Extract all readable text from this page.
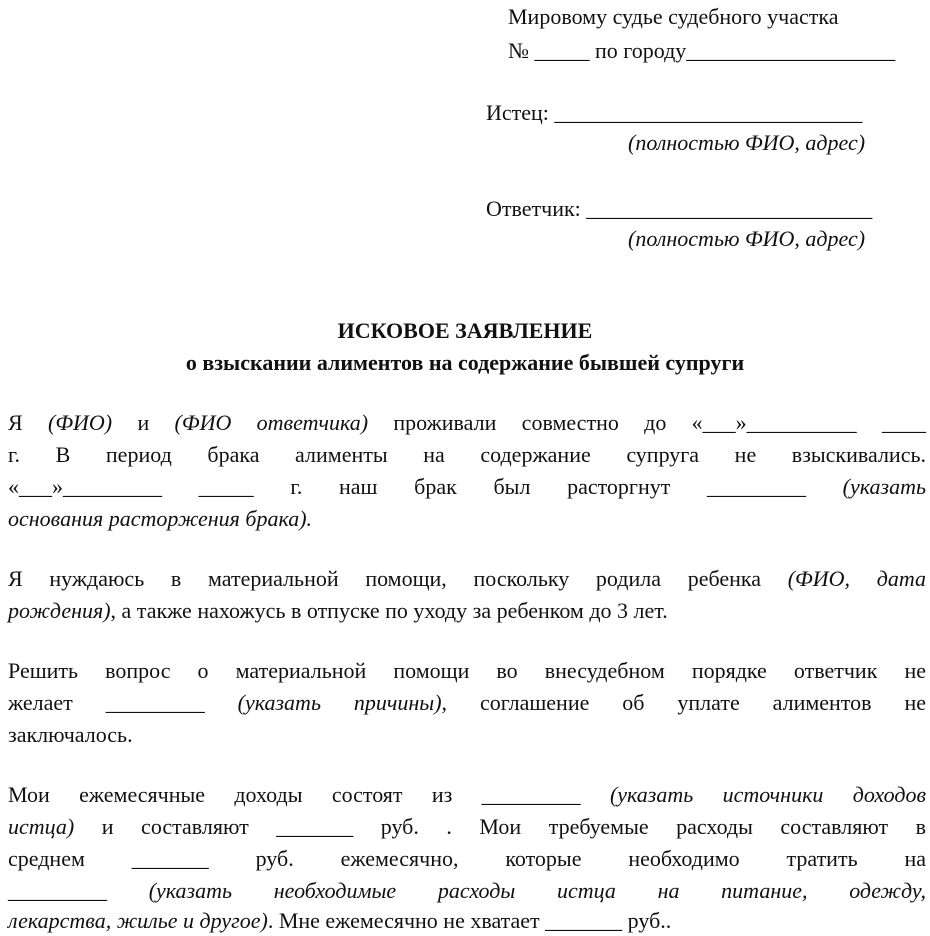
Мировому судье судебного участка
№ _____ по городу___________________
Истец: ____________________________
(полностью ФИО, адрес)
Ответчик: __________________________
(полностью ФИО, адрес)
ИСКОВОЕ ЗАЯВЛЕНИЕ
о взыскании алиментов на содержание бывшей супруги
Я (ФИО) и (ФИО ответчика) проживали совместно до «___»__________ ____
г. В период брака алименты на содержание супруга не взыскивались.
«___»_________ _____ г. наш брак был расторгнут _________ (указать
основания расторжения брака).
Я нуждаюсь в материальной помощи, поскольку родила ребенка (ФИО, дата
рождения), а также нахожусь в отпуске по уходу за ребенком до 3 лет.
Решить вопрос о материальной помощи во внесудебном порядке ответчик не
желает _________ (указать причины), соглашение об уплате алиментов не
заключалось.
Мои ежемесячные доходы состоят из _________ (указать источники доходов
истца) и составляют _______ руб. . Мои требуемые расходы составляют в
среднем _______ руб. ежемесячно, которые необходимо тратить на
_________ (указать необходимые расходы истца на питание, одежду,
лекарства, жилье и другое). Мне ежемесячно не хватает _______ руб..
